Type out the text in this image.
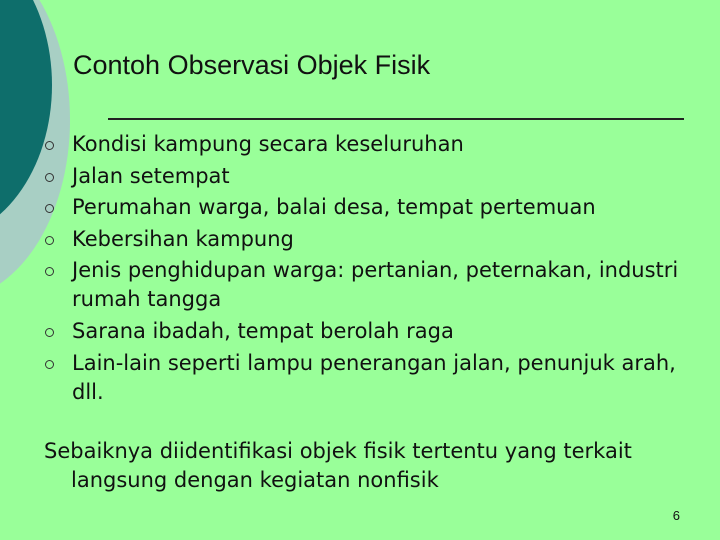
Contoh Observasi Objek Fisik
Kondisi kampung secara keseluruhan
Jalan setempat
Perumahan warga, balai desa, tempat pertemuan
Kebersihan kampung
Jenis penghidupan warga: pertanian, peternakan, industri rumah tangga
Sarana ibadah, tempat berolah raga
Lain-lain seperti lampu penerangan jalan, penunjuk arah, dll.

Sebaiknya diidentifikasi objek fisik tertentu yang terkait langsung dengan kegiatan nonfisik

6
